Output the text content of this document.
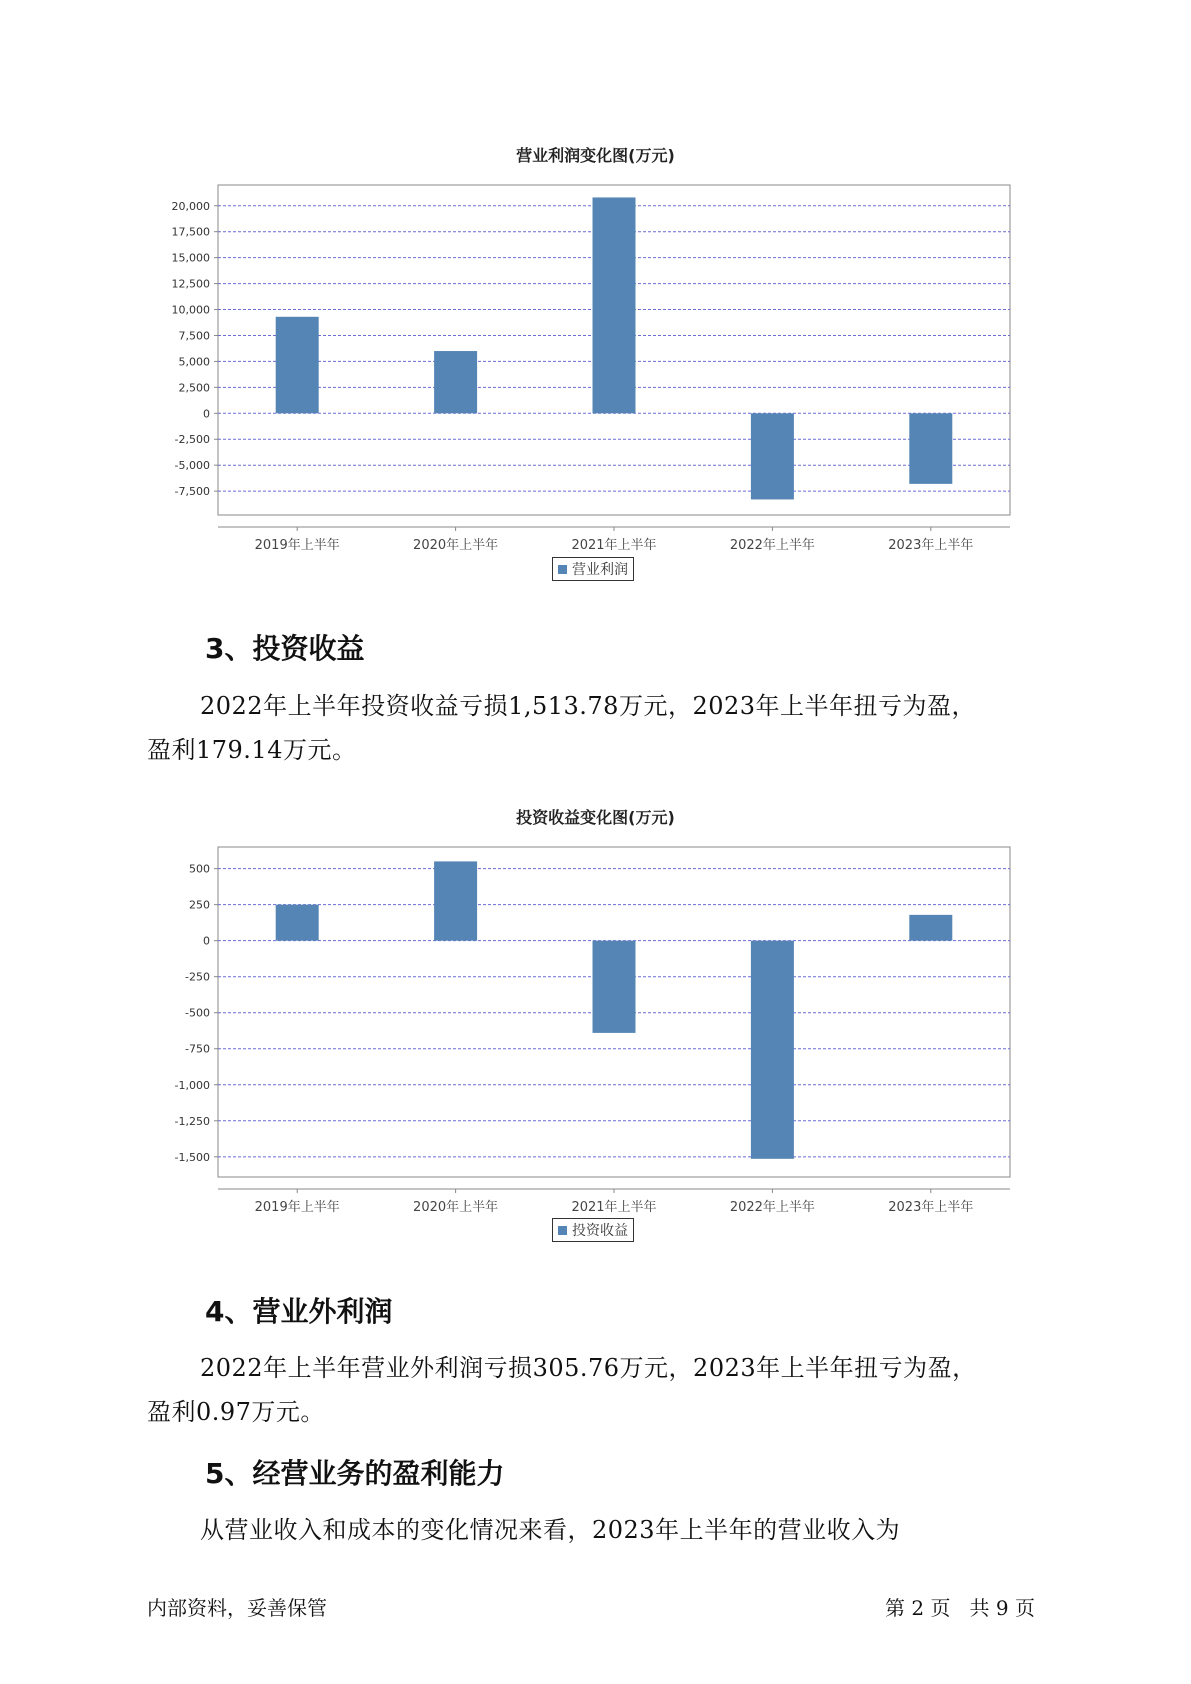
营业利润变化图(万元)
20,000
17,500
15,000
12,500
10,000
7,500
5,000
2,500
0
-2,500
-5,000
-7,500
2019年上半年	2020年上半年	2021年上半年	2022年上半年	2023年上半年
营业利润
3、投资收益

2022年上半年投资收益亏损1,513.78万元，2023年上半年扭亏为盈，
盈利179.14万元。

投资收益变化图(万元)
500
250
0
-250
-500
-750
-1,000
-1,250
-1,500
2019年上半年	2020年上半年	2021年上半年	2022年上半年	2023年上半年
投资收益
4、营业外利润

2022年上半年营业外利润亏损305.76万元，2023年上半年扭亏为盈，
盈利0.97万元。

5、经营业务的盈利能力

从营业收入和成本的变化情况来看，2023年上半年的营业收入为

内部资料，妥善保管	第 2 页   共 9 页
